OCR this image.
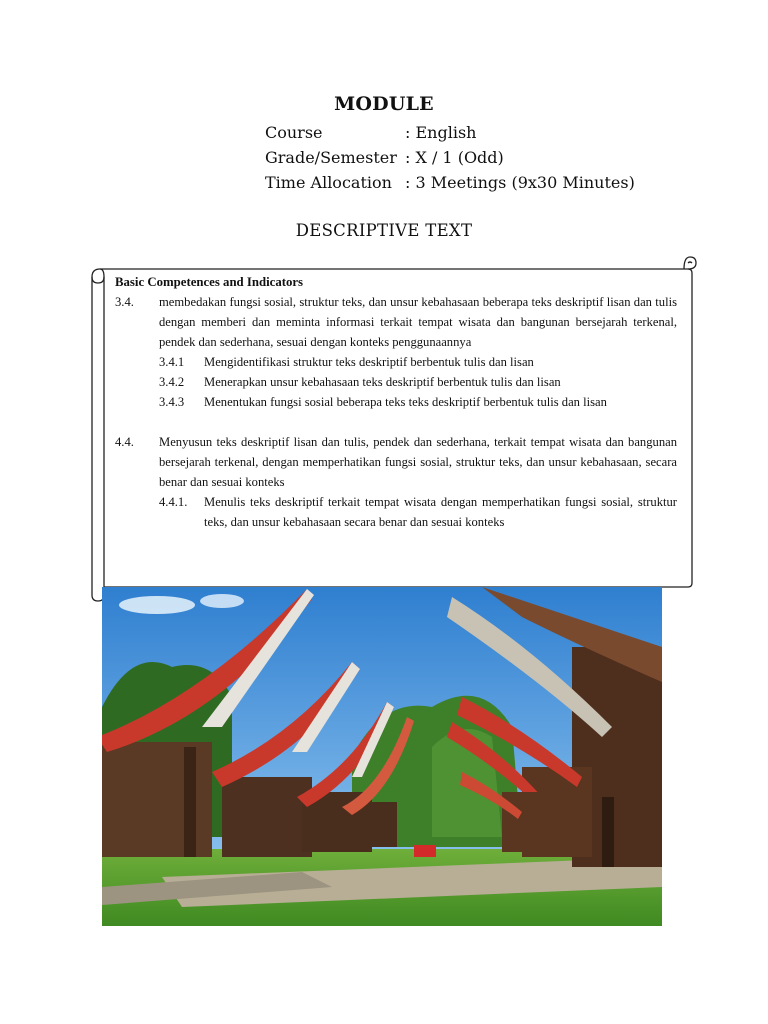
MODULE
Course	: English
Grade/Semester : X / 1 (Odd)
Time Allocation : 3 Meetings (9x30 Minutes)
DESCRIPTIVE TEXT
Basic Competences and Indicators
3.4.	membedakan fungsi sosial, struktur teks, dan unsur kebahasaan beberapa teks deskriptif lisan dan tulis dengan memberi dan meminta informasi terkait tempat wisata dan bangunan bersejarah terkenal, pendek dan sederhana, sesuai dengan konteks penggunaannya
3.4.1	Mengidentifikasi struktur teks deskriptif berbentuk tulis dan lisan
3.4.2	Menerapkan unsur kebahasaan teks deskriptif berbentuk tulis dan lisan
3.4.3	Menentukan fungsi sosial beberapa teks teks deskriptif berbentuk tulis dan lisan
4.4.	Menyusun teks deskriptif lisan dan tulis, pendek dan sederhana, terkait tempat wisata dan bangunan bersejarah terkenal, dengan memperhatikan fungsi sosial, struktur teks, dan unsur kebahasaan, secara benar dan sesuai konteks
4.4.1.	Menulis teks deskriptif terkait tempat wisata dengan memperhatikan fungsi sosial, struktur teks, dan unsur kebahasaan secara benar dan sesuai konteks
